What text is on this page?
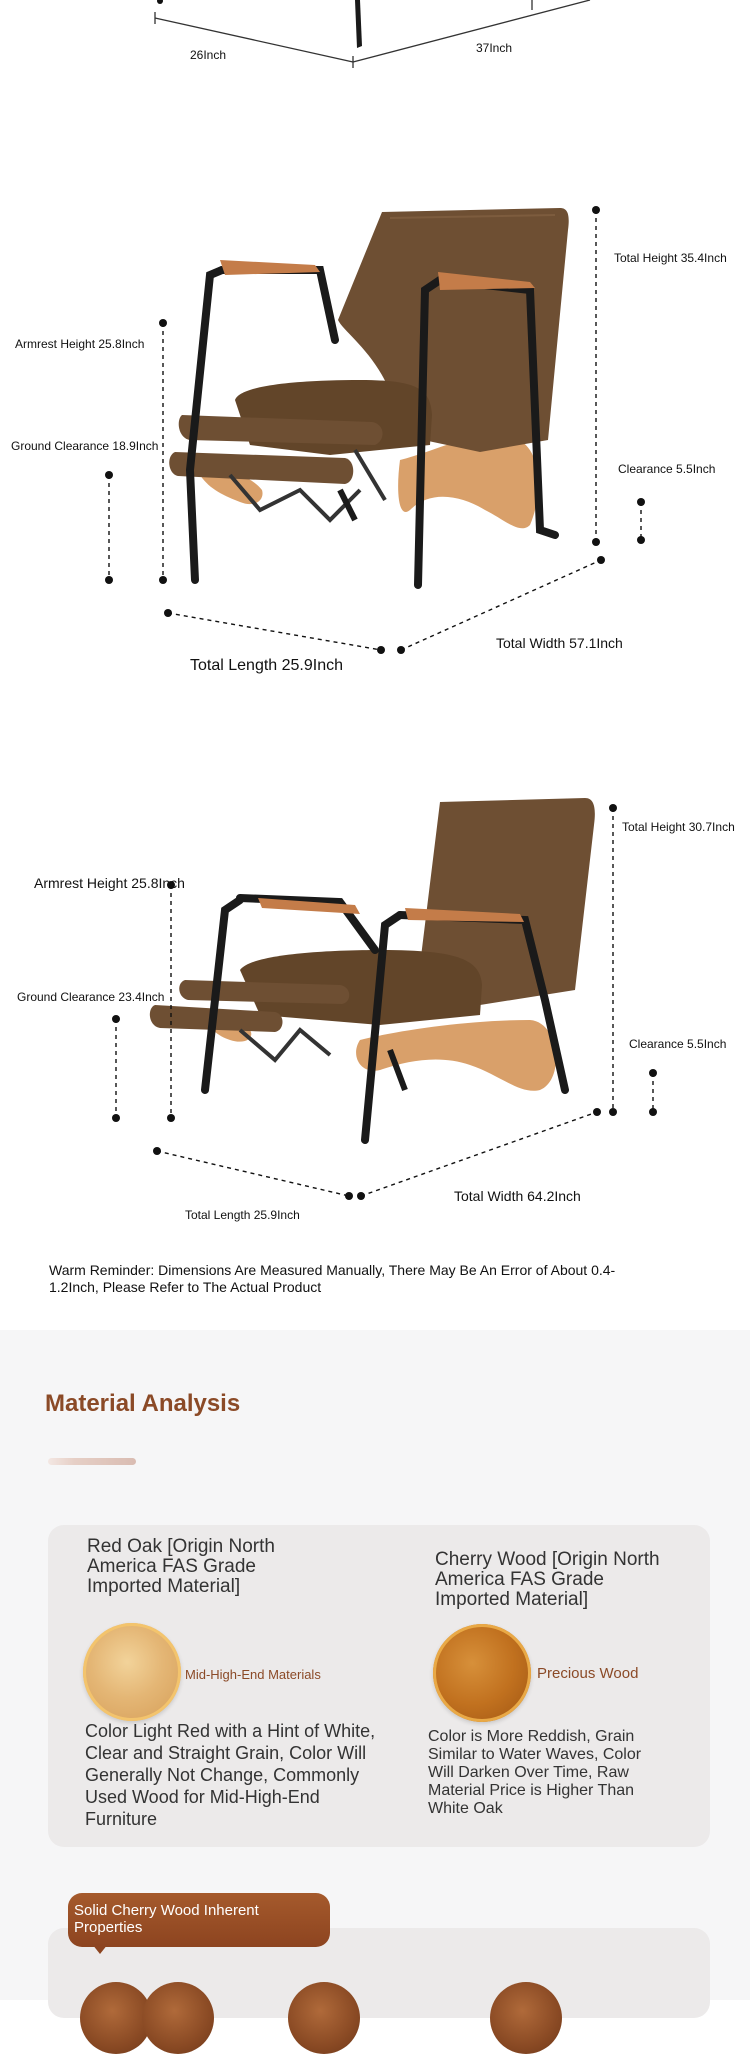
26Inch	37Inch
Total Height 35.4Inch
Armrest Height 25.8Inch
Ground Clearance 18.9Inch
Clearance 5.5Inch
Total Length 25.9Inch
Total Width 57.1Inch
Total Height 30.7Inch
Armrest Height 25.8Inch
Ground Clearance 23.4Inch
Clearance 5.5Inch
Total Length 25.9Inch
Total Width 64.2Inch
Warm Reminder: Dimensions Are Measured Manually, There May Be An Error of About 0.4-1.2Inch, Please Refer to The Actual Product
Material Analysis
Red Oak [Origin North America FAS Grade Imported Material]
Mid-High-End Materials
Color Light Red with a Hint of White, Clear and Straight Grain, Color Will Generally Not Change, Commonly Used Wood for Mid-High-End Furniture
Cherry Wood [Origin North America FAS Grade Imported Material]
Precious Wood
Color is More Reddish, Grain Similar to Water Waves, Color Will Darken Over Time, Raw Material Price is Higher Than White Oak
Solid Cherry Wood Inherent Properties
